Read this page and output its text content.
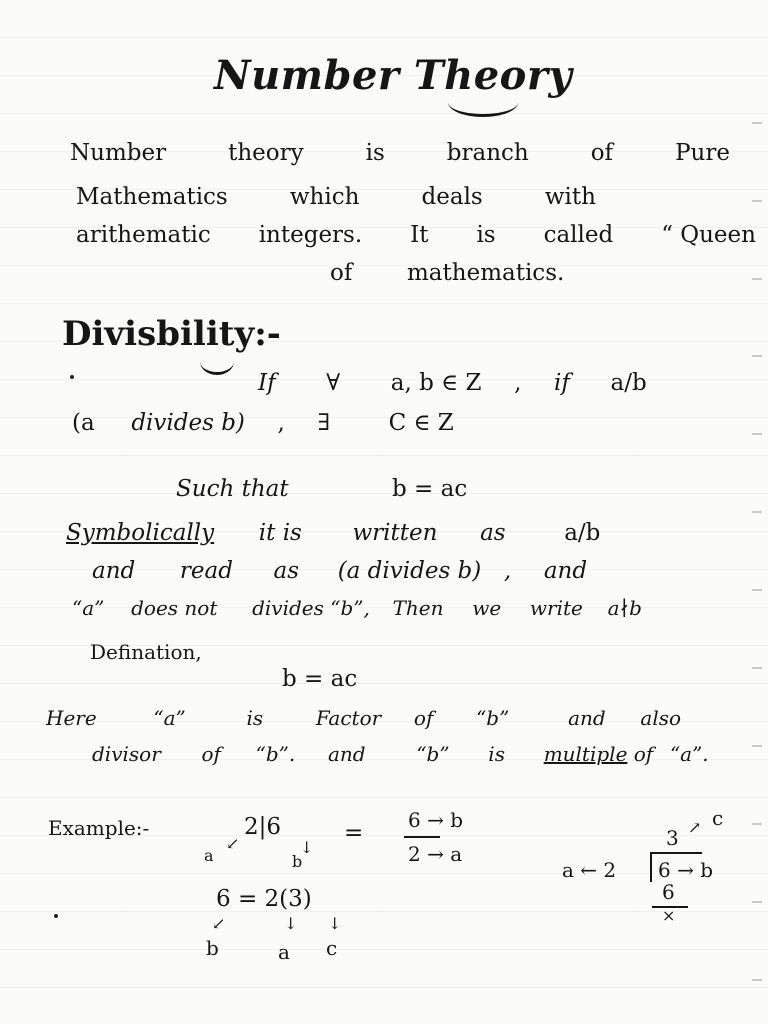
Number Theory
Number	theory	is	branch	of	Pure
Mathematics	which	deals	with
arithematic integers. It is called “ Queen
of mathematics.
Divisbility:-
If ∀ a, b ∈ Z , if a/b
(a divides b) , ∃	C ∈ Z
Such that	b = ac
Symbolically it is written as	a/b
and read as (a divides b) , and
“a” does not divides “b”, Then we write a∤b
Defination,
b = ac
Here	“a”	is	Factor of “b”	and also
divisor of “b”. and	“b” is multiple of “a”.
Example:-	2|6
a
↙
b
↓
= 6 → b
2 → a
6 = 2(3)
↙	↓ ↓
b	a c
3 ↗ c
a ← 2 6 → b
6
×
